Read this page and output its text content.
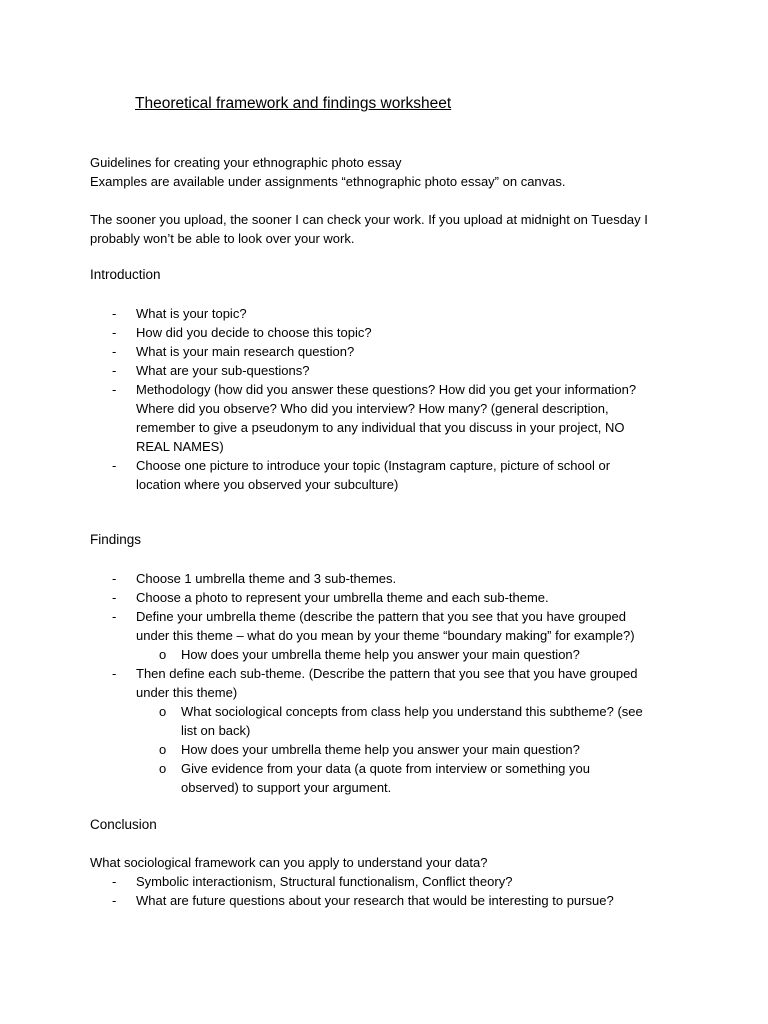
Theoretical framework and findings worksheet
Guidelines for creating your ethnographic photo essay
Examples are available under assignments “ethnographic photo essay” on canvas.
The sooner you upload, the sooner I can check your work. If you upload at midnight on Tuesday I
probably won’t be able to look over your work.
Introduction
- What is your topic?
- How did you decide to choose this topic?
- What is your main research question?
- What are your sub-questions?
- Methodology (how did you answer these questions? How did you get your information?
Where did you observe? Who did you interview? How many? (general description,
remember to give a pseudonym to any individual that you discuss in your project, NO
REAL NAMES)
- Choose one picture to introduce your topic (Instagram capture, picture of school or
location where you observed your subculture)
Findings
- Choose 1 umbrella theme and 3 sub-themes.
- Choose a photo to represent your umbrella theme and each sub-theme.
- Define your umbrella theme (describe the pattern that you see that you have grouped
under this theme – what do you mean by your theme “boundary making” for example?)
o How does your umbrella theme help you answer your main question?
- Then define each sub-theme. (Describe the pattern that you see that you have grouped
under this theme)
o What sociological concepts from class help you understand this subtheme? (see
list on back)
o How does your umbrella theme help you answer your main question?
o Give evidence from your data (a quote from interview or something you
observed) to support your argument.
Conclusion
What sociological framework can you apply to understand your data?
- Symbolic interactionism, Structural functionalism, Conflict theory?
- What are future questions about your research that would be interesting to pursue?
